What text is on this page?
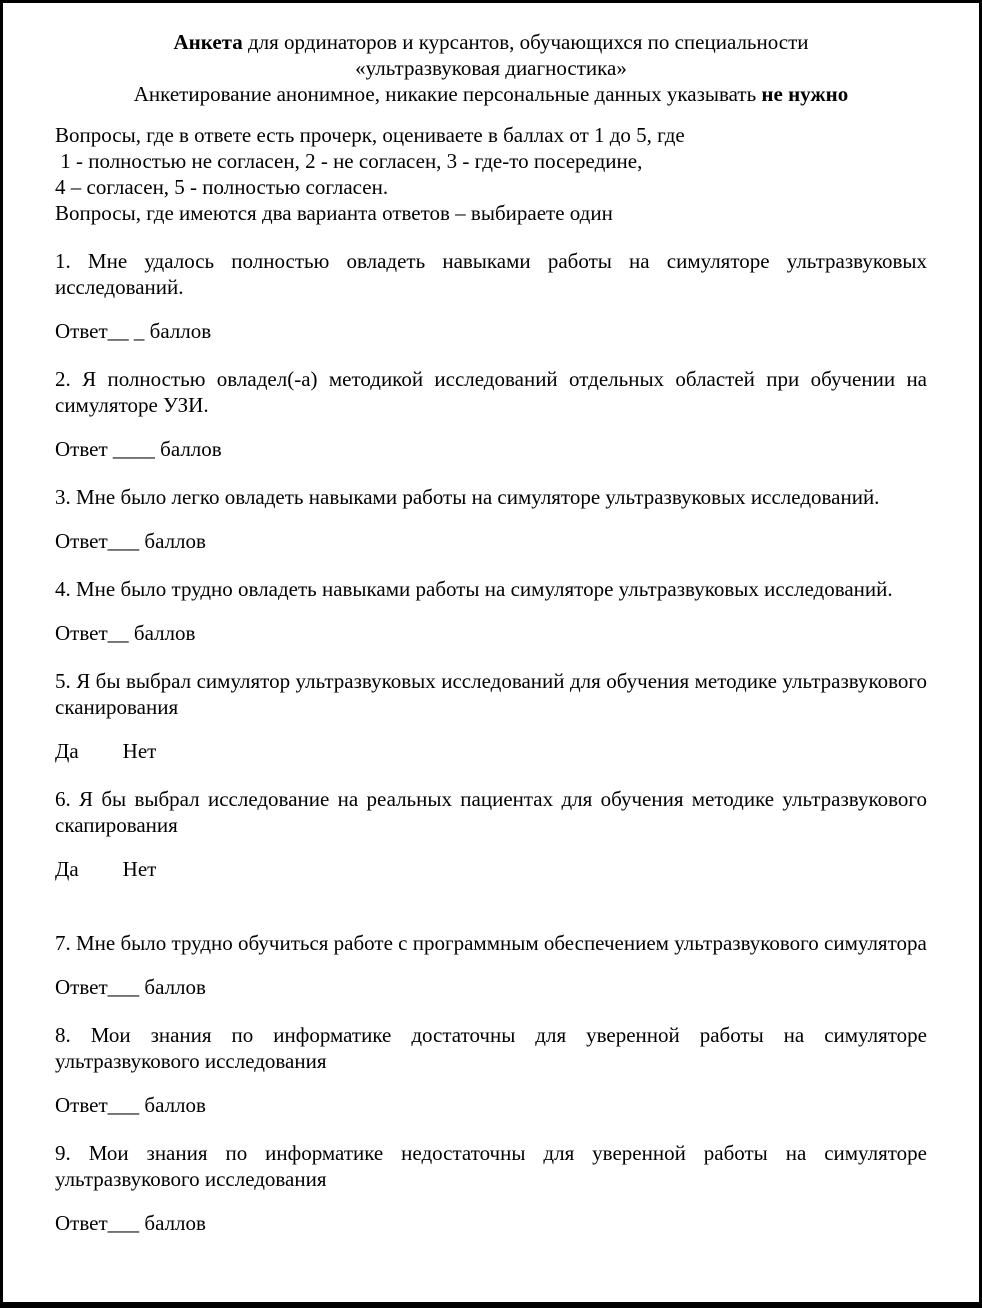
Анкета для ординаторов и курсантов, обучающихся по специальности

«ультразвуковая диагностика»

Анкетирование анонимное, никакие персональные данных указывать не нужно

Вопросы, где в ответе есть прочерк, оцениваете в баллах от 1 до 5, где

1 - полностью не согласен, 2 - не согласен, 3 - где-то посередине,

4 – согласен, 5 - полностью согласен.

Вопросы, где имеются два варианта ответов – выбираете один

1. Мне удалось полностью овладеть навыками работы на симуляторе ультразвуковых исследований.

Ответ__ _ баллов

2. Я полностью овладел(-а) методикой исследований отдельных областей при обучении на симуляторе УЗИ.

Ответ ____ баллов

3. Мне было легко овладеть навыками работы на симуляторе ультразвуковых исследований.

Ответ___ баллов

4. Мне было трудно овладеть навыками работы на симуляторе ультразвуковых исследований.

Ответ__ баллов

5. Я бы выбрал симулятор ультразвуковых исследований для обучения методике ультразвукового сканирования

Да Нет

6. Я бы выбрал исследование на реальных пациентах для обучения методике ультразвукового скапирования

Да Нет

7. Мне было трудно обучиться работе с программным обеспечением ультразвукового симулятора

Ответ___ баллов

8. Мои знания по информатике достаточны для уверенной работы на симуляторе ультразвукового исследования

Ответ___ баллов

9. Мои знания по информатике недостаточны для уверенной работы на симуляторе ультразвукового исследования

Ответ___ баллов
